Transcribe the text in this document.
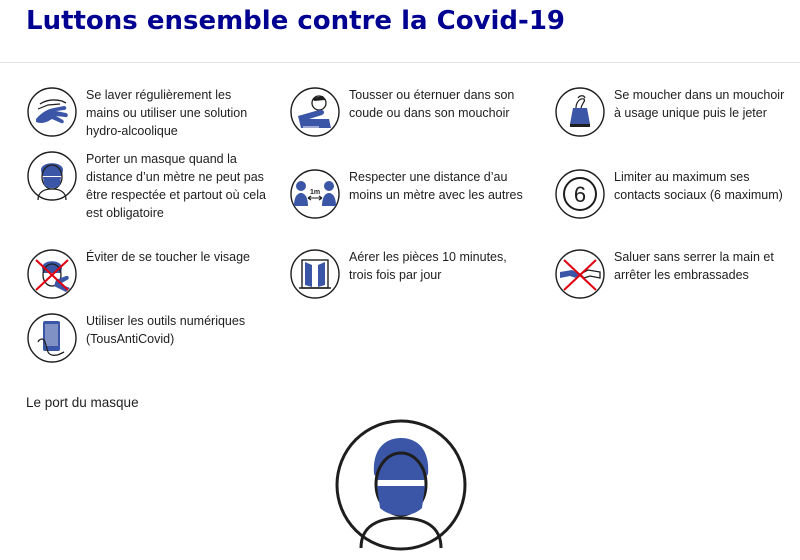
Luttons ensemble contre la Covid-19
Se laver régulièrement les mains ou utiliser une solution hydro-alcoolique
Tousser ou éternuer dans son coude ou dans son mouchoir
Se moucher dans un mouchoir à usage unique puis le jeter
Porter un masque quand la distance d’un mètre ne peut pas être respectée et partout où cela est obligatoire
1m
Respecter une distance d’au moins un mètre avec les autres 6
Limiter au maximum ses contacts sociaux (6 maximum)
Éviter de se toucher le visage	Aérer les pièces 10 minutes, trois fois par jour
Saluer sans serrer la main et arrêter les embrassades
Utiliser les outils numériques (TousAntiCovid)
Le port du masque
